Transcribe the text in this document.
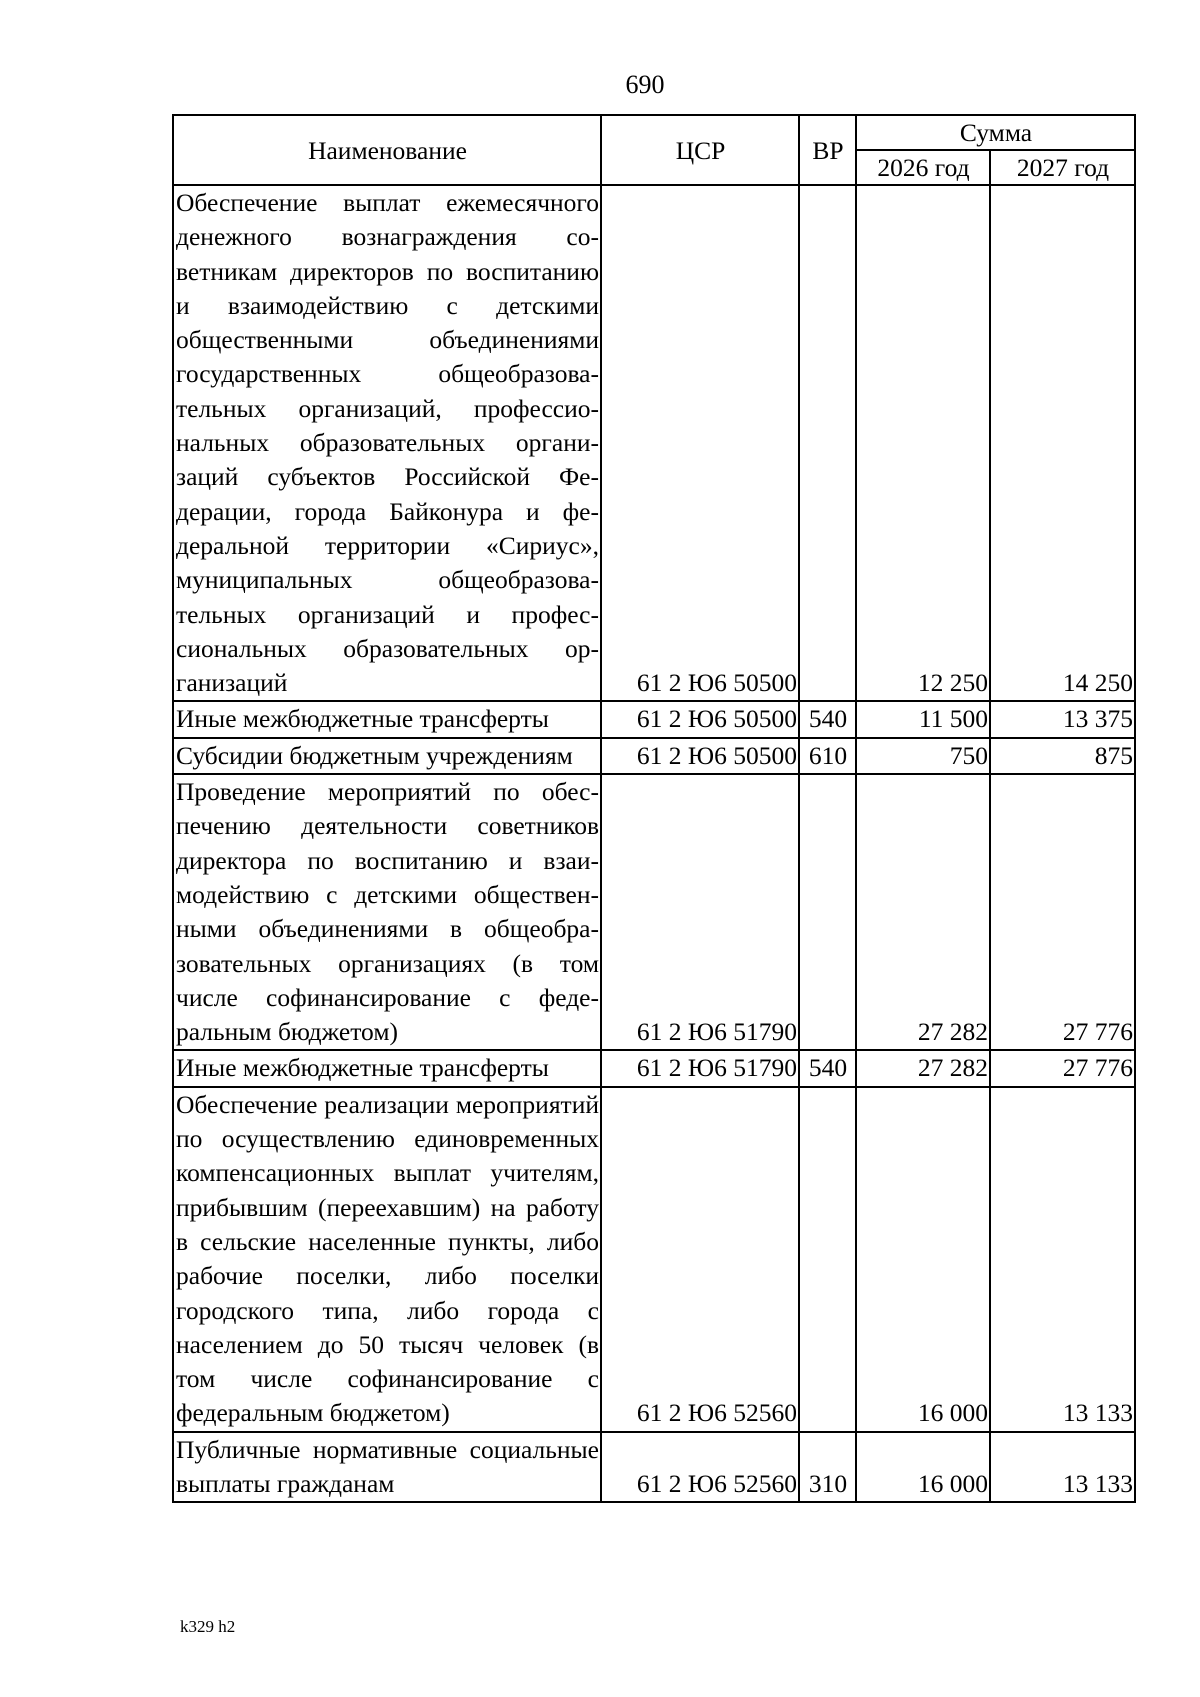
690
Наименование	ЦСР	ВР	Сумма	
			2026 год	2027 год
Обеспечение выплат ежемесячного денежного вознаграждения советникам директоров по воспитанию и взаимодействию с детскими общественными объединениями государственных общеобразовательных организаций, профессиональных образовательных организаций субъектов Российской Федерации, города Байконура и федеральной территории «Сириус», муниципальных общеобразовательных организаций и профессиональных образовательных организаций	61 2 Ю6 50500		12 250	14 250
Иные межбюджетные трансферты	61 2 Ю6 50500	540	11 500	13 375
Субсидии бюджетным учреждениям	61 2 Ю6 50500	610	750	875
Проведение мероприятий по обеспечению деятельности советников директора по воспитанию и взаимодействию с детскими общественными объединениями в общеобразовательных организациях (в том числе софинансирование с федеральным бюджетом)	61 2 Ю6 51790		27 282	27 776
Иные межбюджетные трансферты	61 2 Ю6 51790	540	27 282	27 776
Обеспечение реализации мероприятий по осуществлению единовременных компенсационных выплат учителям, прибывшим (переехавшим) на работу в сельские населенные пункты, либо рабочие поселки, либо поселки городского типа, либо города с населением до 50 тысяч человек (в том числе софинансирование с федеральным бюджетом)	61 2 Ю6 52560		16 000	13 133
Публичные нормативные социальные выплаты гражданам	61 2 Ю6 52560	310	16 000	13 133
k329 h2
